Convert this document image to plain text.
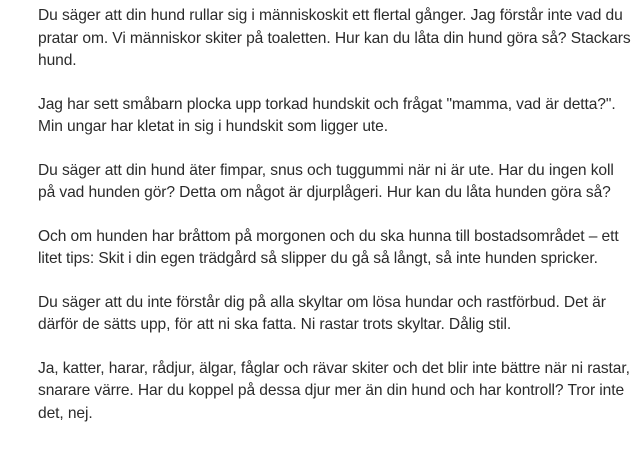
Du säger att din hund rullar sig i människoskit ett flertal gånger. Jag förstår inte vad du pratar om. Vi människor skiter på toaletten. Hur kan du låta din hund göra så? Stackars hund.

Jag har sett småbarn plocka upp torkad hundskit och frågat "mamma, vad är detta?". Min ungar har kletat in sig i hundskit som ligger ute.

Du säger att din hund äter fimpar, snus och tuggummi när ni är ute. Har du ingen koll på vad hunden gör? Detta om något är djurplågeri. Hur kan du låta hunden göra så?

Och om hunden har bråttom på morgonen och du ska hunna till bostadsområdet – ett litet tips: Skit i din egen trädgård så slipper du gå så långt, så inte hunden spricker.

Du säger att du inte förstår dig på alla skyltar om lösa hundar och rastförbud. Det är därför de sätts upp, för att ni ska fatta. Ni rastar trots skyltar. Dålig stil.

Ja, katter, harar, rådjur, älgar, fåglar och rävar skiter och det blir inte bättre när ni rastar, snarare värre. Har du koppel på dessa djur mer än din hund och har kontroll? Tror inte det, nej.
